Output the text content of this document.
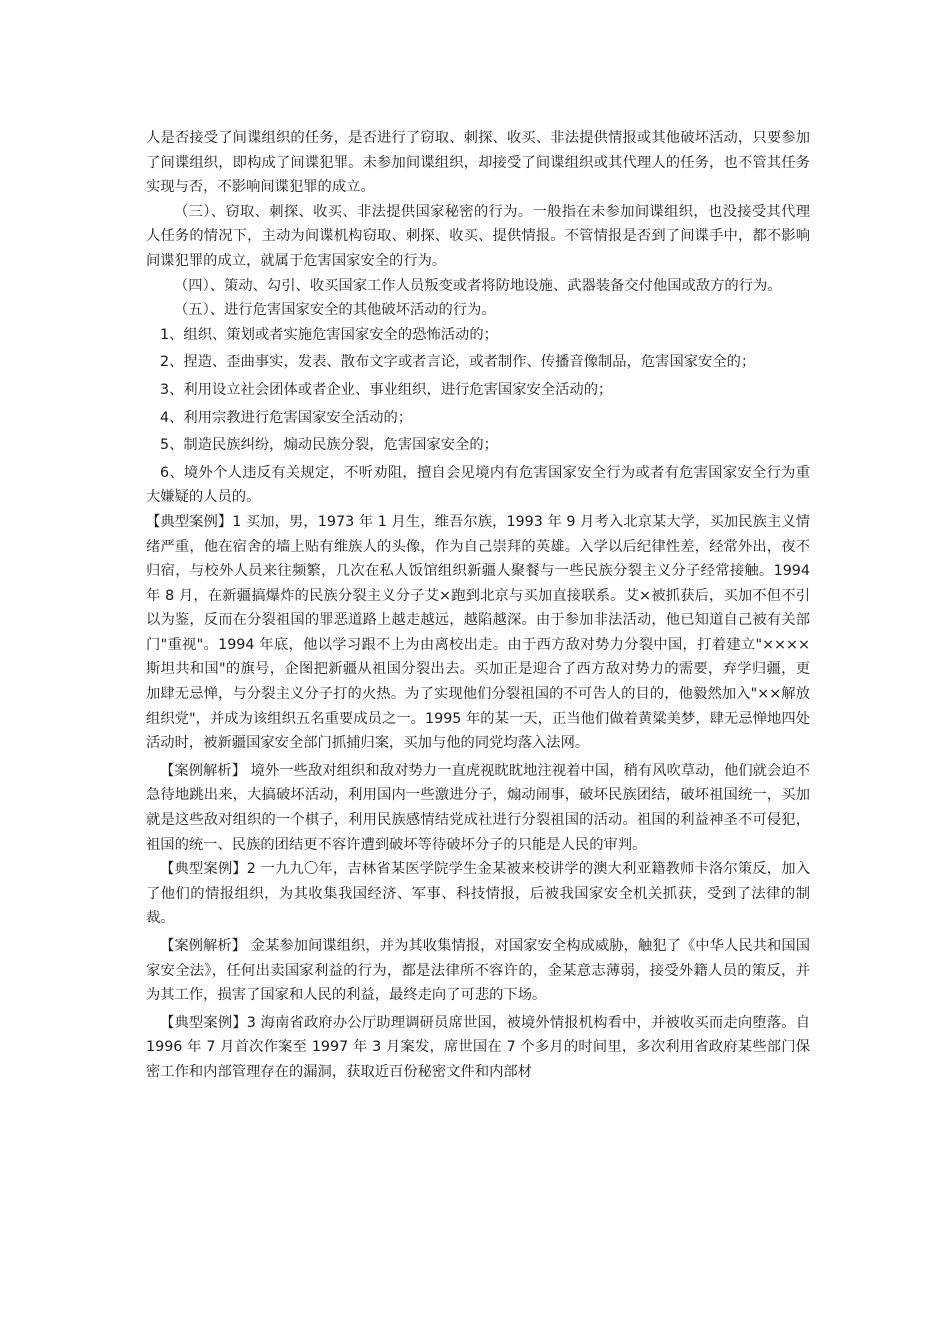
人是否接受了间谍组织的任务，是否进行了窃取、刺探、收买、非法提供情报或其他破坏活动，只要参加了间谍组织，即构成了间谍犯罪。未参加间谍组织，却接受了间谍组织或其代理人的任务，也不管其任务实现与否，不影响间谍犯罪的成立。

（三）、窃取、刺探、收买、非法提供国家秘密的行为。一般指在未参加间谍组织，也没接受其代理人任务的情况下，主动为间谍机构窃取、刺探、收买、提供情报。不管情报是否到了间谍手中，都不影响间谍犯罪的成立，就属于危害国家安全的行为。

（四）、策动、勾引、收买国家工作人员叛变或者将防地设施、武器装备交付他国或敌方的行为。

（五）、进行危害国家安全的其他破坏活动的行为。

1、组织、策划或者实施危害国家安全的恐怖活动的；

2、捏造、歪曲事实，发表、散布文字或者言论，或者制作、传播音像制品，危害国家安全的；

3、利用设立社会团体或者企业、事业组织，进行危害国家安全活动的；

4、利用宗教进行危害国家安全活动的；

5、制造民族纠纷，煽动民族分裂，危害国家安全的；

6、境外个人违反有关规定，不听劝阻，擅自会见境内有危害国家安全行为或者有危害国家安全行为重大嫌疑的人员的。

【典型案例】1 买加，男，1973 年 1 月生，维吾尔族，1993 年 9 月考入北京某大学，买加民族主义情绪严重，他在宿舍的墙上贴有维族人的头像，作为自己崇拜的英雄。入学以后纪律性差，经常外出，夜不归宿，与校外人员来往频繁，几次在私人饭馆组织新疆人聚餐与一些民族分裂主义分子经常接触。1994 年 8 月，在新疆搞爆炸的民族分裂主义分子艾×跑到北京与买加直接联系。艾×被抓获后，买加不但不引以为鉴，反而在分裂祖国的罪恶道路上越走越远，越陷越深。由于参加非法活动，他已知道自己被有关部门"重视"。1994 年底，他以学习跟不上为由离校出走。由于西方敌对势力分裂中国，打着建立"××××斯坦共和国"的旗号，企图把新疆从祖国分裂出去。买加正是迎合了西方敌对势力的需要，弃学归疆，更加肆无忌惮，与分裂主义分子打的火热。为了实现他们分裂祖国的不可告人的目的，他毅然加入"××解放组织党"，并成为该组织五名重要成员之一。1995 年的某一天，正当他们做着黄粱美梦，肆无忌惮地四处活动时，被新疆国家安全部门抓捕归案，买加与他的同党均落入法网。

【案例解析】 境外一些敌对组织和敌对势力一直虎视眈眈地注视着中国，稍有风吹草动，他们就会迫不急待地跳出来，大搞破坏活动，利用国内一些激进分子，煽动闹事，破坏民族团结，破坏祖国统一，买加就是这些敌对组织的一个棋子，利用民族感情结党成社进行分裂祖国的活动。祖国的利益神圣不可侵犯，祖国的统一、民族的团结更不容许遭到破坏等待破坏分子的只能是人民的审判。

【典型案例】2 一九九〇年，吉林省某医学院学生金某被来校讲学的澳大利亚籍教师卡洛尔策反，加入了他们的情报组织，为其收集我国经济、军事、科技情报，后被我国家安全机关抓获，受到了法律的制裁。

【案例解析】 金某参加间谍组织，并为其收集情报，对国家安全构成威胁，触犯了《中华人民共和国国家安全法》，任何出卖国家利益的行为，都是法律所不容许的，金某意志薄弱，接受外籍人员的策反，并为其工作，损害了国家和人民的利益，最终走向了可悲的下场。

【典型案例】3 海南省政府办公厅助理调研员席世国，被境外情报机构看中，并被收买而走向堕落。自 1996 年 7 月首次作案至 1997 年 3 月案发，席世国在 7 个多月的时间里，多次利用省政府某些部门保密工作和内部管理存在的漏洞，获取近百份秘密文件和内部材
